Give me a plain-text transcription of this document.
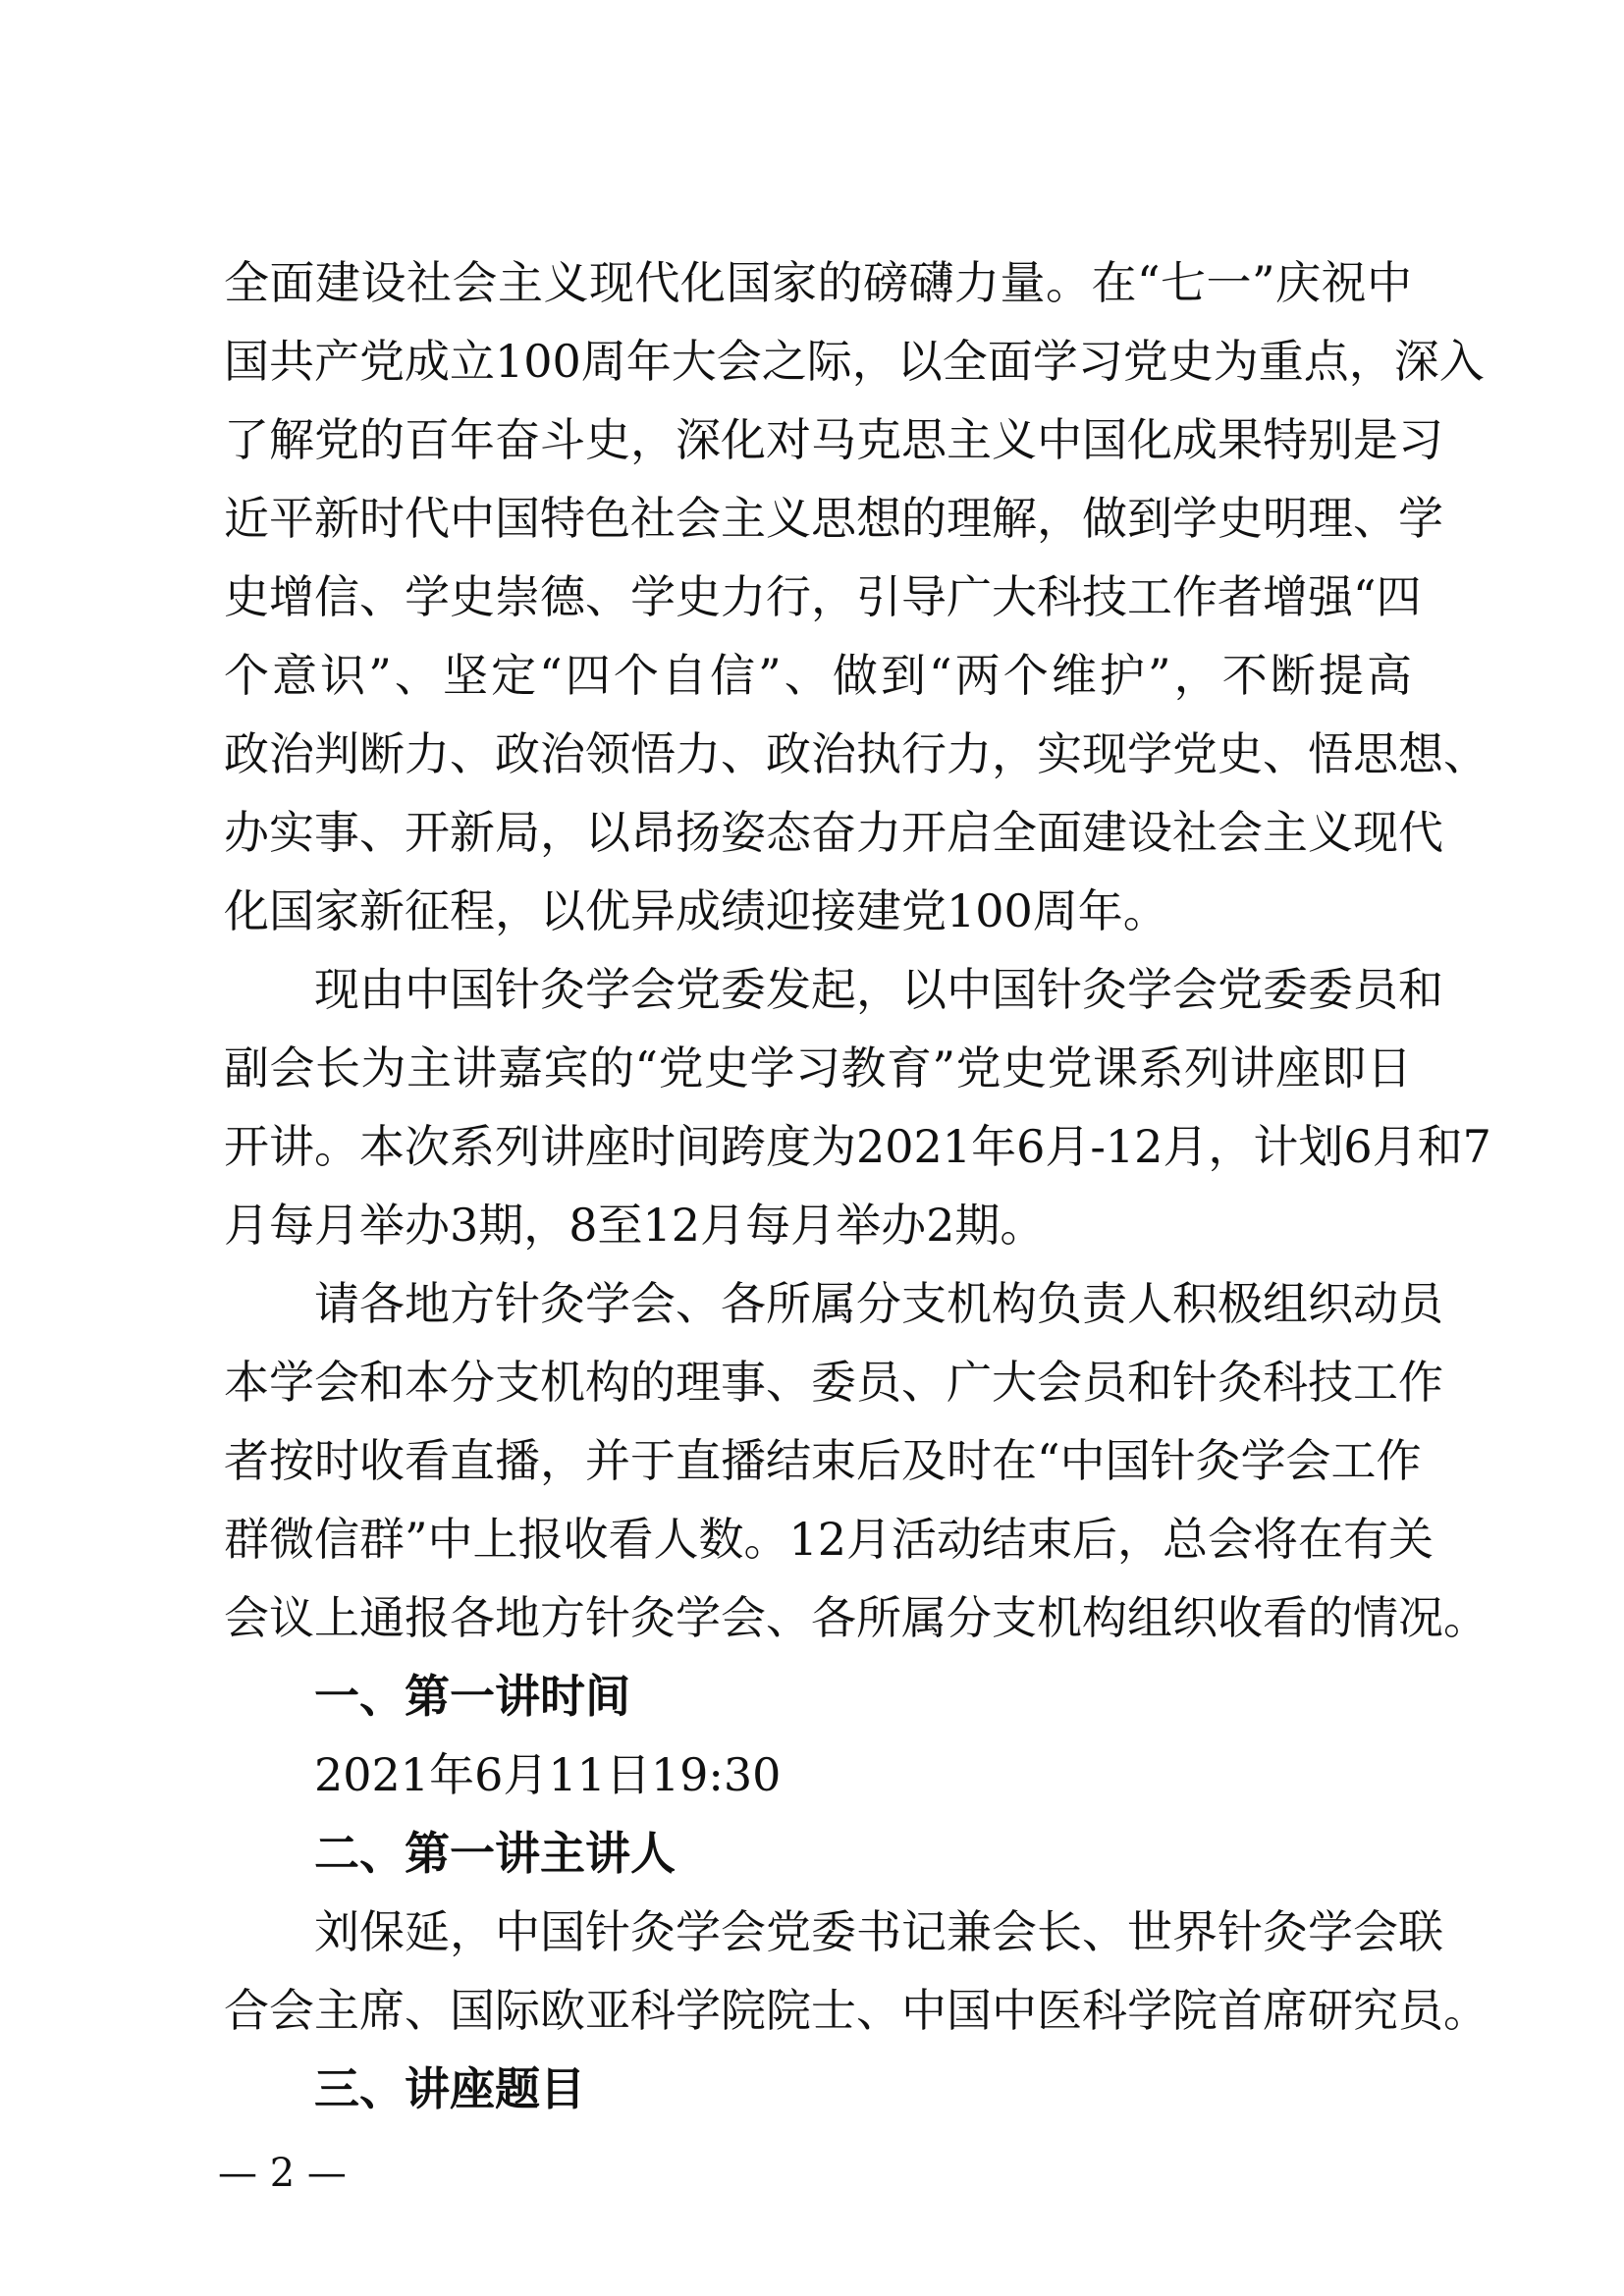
全面建设社会主义现代化国家的磅礴力量。在“七一”庆祝中
国共产党成立100周年大会之际，以全面学习党史为重点，深入
了解党的百年奋斗史，深化对马克思主义中国化成果特别是习
近平新时代中国特色社会主义思想的理解，做到学史明理、学
史增信、学史崇德、学史力行，引导广大科技工作者增强“四
个意识”、坚定“四个自信”、做到“两个维护”，不断提高
政治判断力、政治领悟力、政治执行力，实现学党史、悟思想、
办实事、开新局，以昂扬姿态奋力开启全面建设社会主义现代
化国家新征程，以优异成绩迎接建党100周年。
现由中国针灸学会党委发起，以中国针灸学会党委委员和
副会长为主讲嘉宾的“党史学习教育”党史党课系列讲座即日
开讲。本次系列讲座时间跨度为2021年6月-12月，计划6月和7
月每月举办3期，8至12月每月举办2期。
请各地方针灸学会、各所属分支机构负责人积极组织动员
本学会和本分支机构的理事、委员、广大会员和针灸科技工作
者按时收看直播，并于直播结束后及时在“中国针灸学会工作
群微信群”中上报收看人数。12月活动结束后，总会将在有关
会议上通报各地方针灸学会、各所属分支机构组织收看的情况。
一、第一讲时间
2021年6月11日19:30
二、第一讲主讲人
刘保延，中国针灸学会党委书记兼会长、世界针灸学会联
合会主席、国际欧亚科学院院士、中国中医科学院首席研究员。
三、讲座题目
— 2 —
